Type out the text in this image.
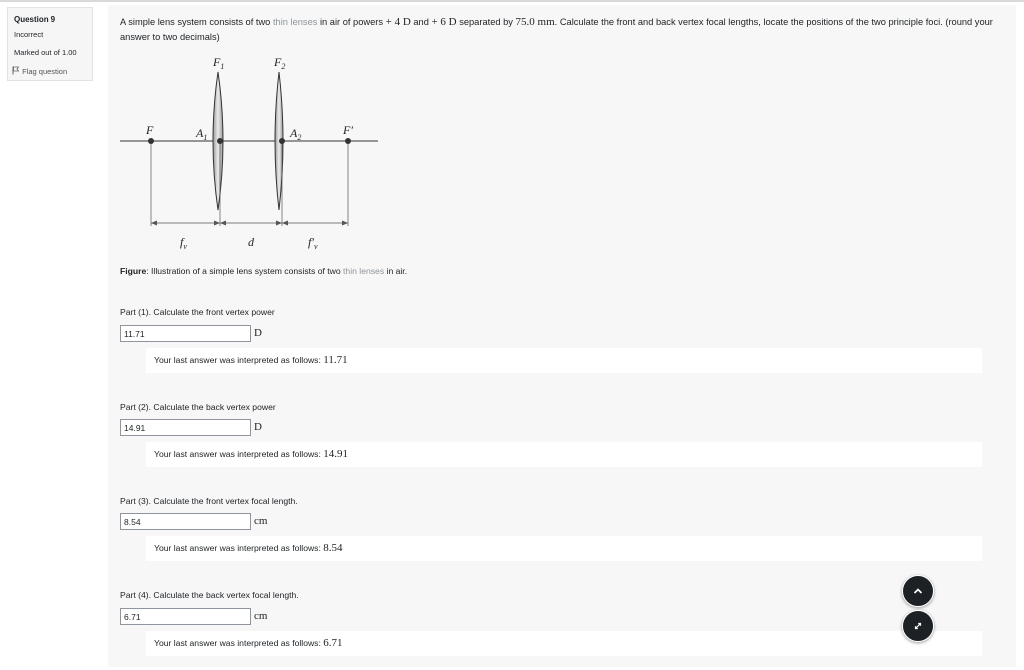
Question 9
Incorrect
Marked out of 1.00
Flag question
A simple lens system consists of two thin lenses in air of powers + 4 D and + 6 D separated by 75.0 mm. Calculate the front and back vertex focal lengths, locate the positions of the two principle foci. (round your answer to two decimals)
$F_1$	$F_2$
F	$A_1$	$A_2$
F′
$f_v$	d	$f'_v$
Figure: Illustration of a simple lens system consists of two thin lenses in air.
Part (1). Calculate the front vertex power
11.71
D
Your last answer was interpreted as follows: 11.71
Part (2). Calculate the back vertex power
14.91
D
Your last answer was interpreted as follows: 14.91
Part (3). Calculate the front vertex focal length.
8.54
cm
Your last answer was interpreted as follows: 8.54
Part (4). Calculate the back vertex focal length.
6.71
cm
Your last answer was interpreted as follows: 6.71
